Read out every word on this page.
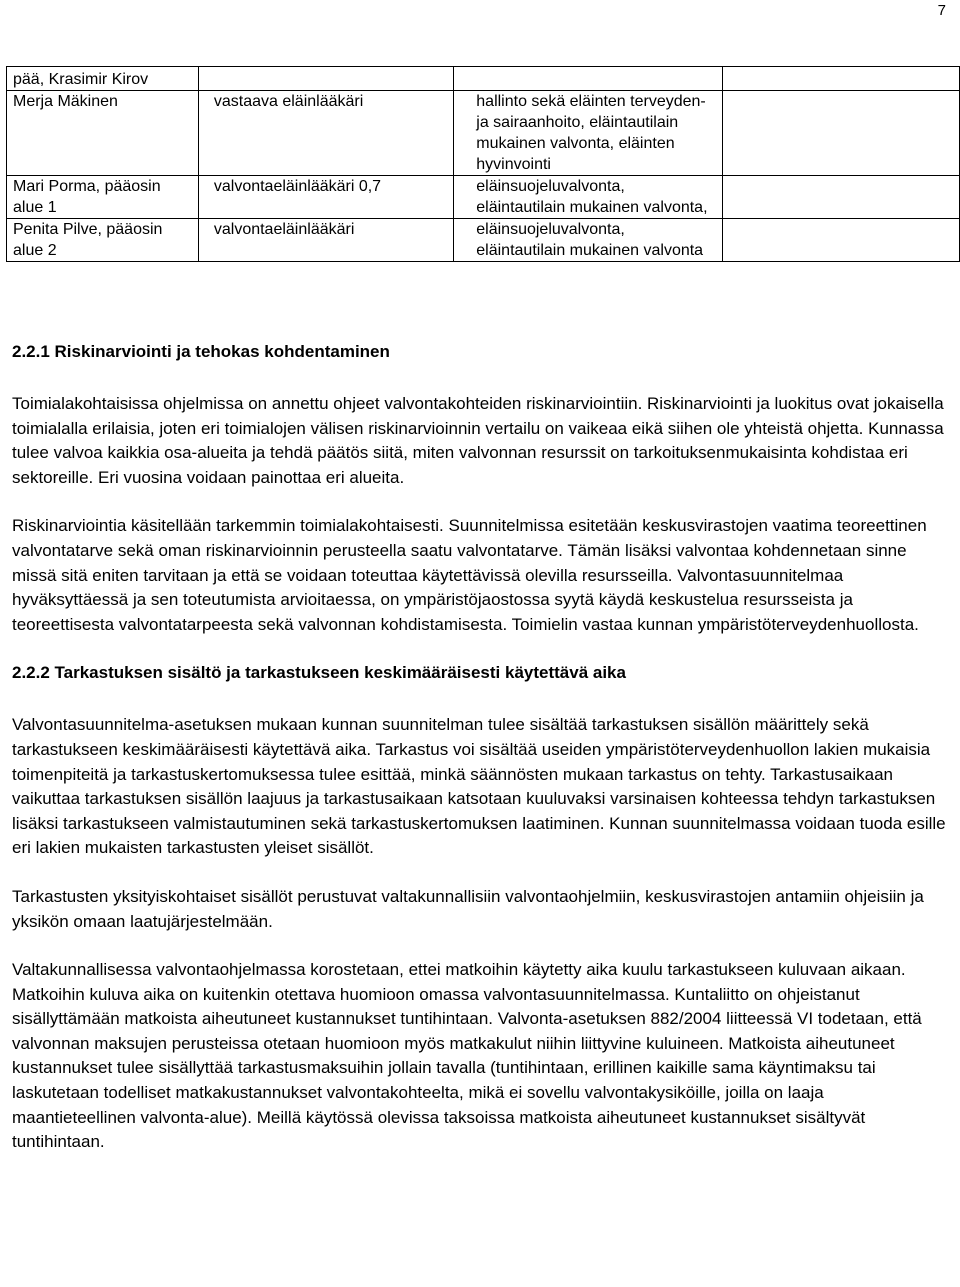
7
pää, Krasimir Kirov			
Merja Mäkinen	vastaava eläinlääkäri	hallinto sekä eläinten terveyden- ja sairaanhoito, eläintautilain mukainen valvonta, eläinten hyvinvointi	
Mari Porma, pääosin alue 1	valvontaeläinlääkäri 0,7	eläinsuojeluvalvonta, eläintautilain mukainen valvonta,	
Penita Pilve, pääosin alue 2	valvontaeläinlääkäri	eläinsuojeluvalvonta, eläintautilain mukainen valvonta	
2.2.1 Riskinarviointi ja tehokas kohdentaminen

Toimialakohtaisissa ohjelmissa on annettu ohjeet valvontakohteiden riskinarviointiin. Riskinarviointi ja luokitus ovat jokaisella toimialalla erilaisia, joten eri toimialojen välisen riskinarvioinnin vertailu on vaikeaa eikä siihen ole yhteistä ohjetta. Kunnassa tulee valvoa kaikkia osa-alueita ja tehdä päätös siitä, miten valvonnan resurssit on tarkoituksenmukaisinta kohdistaa eri sektoreille. Eri vuosina voidaan painottaa eri alueita.

Riskinarviointia käsitellään tarkemmin toimialakohtaisesti. Suunnitelmissa esitetään keskusvirastojen vaatima teoreettinen valvontatarve sekä oman riskinarvioinnin perusteella saatu valvontatarve. Tämän lisäksi valvontaa kohdennetaan sinne missä sitä eniten tarvitaan ja että se voidaan toteuttaa käytettävissä olevilla resursseilla. Valvontasuunnitelmaa hyväksyttäessä ja sen toteutumista arvioitaessa, on ympäristöjaostossa syytä käydä keskustelua resursseista ja teoreettisesta valvontatarpeesta sekä valvonnan kohdistamisesta. Toimielin vastaa kunnan ympäristöterveydenhuollosta.

2.2.2 Tarkastuksen sisältö ja tarkastukseen keskimääräisesti käytettävä aika

Valvontasuunnitelma-asetuksen mukaan kunnan suunnitelman tulee sisältää tarkastuksen sisällön määrittely sekä tarkastukseen keskimääräisesti käytettävä aika. Tarkastus voi sisältää useiden ympäristöterveydenhuollon lakien mukaisia toimenpiteitä ja tarkastuskertomuksessa tulee esittää, minkä säännösten mukaan tarkastus on tehty. Tarkastusaikaan vaikuttaa tarkastuksen sisällön laajuus ja tarkastusaikaan katsotaan kuuluvaksi varsinaisen kohteessa tehdyn tarkastuksen lisäksi tarkastukseen valmistautuminen sekä tarkastuskertomuksen laatiminen. Kunnan suunnitelmassa voidaan tuoda esille eri lakien mukaisten tarkastusten yleiset sisällöt.

Tarkastusten yksityiskohtaiset sisällöt perustuvat valtakunnallisiin valvontaohjelmiin, keskusvirastojen antamiin ohjeisiin ja yksikön omaan laatujärjestelmään.

Valtakunnallisessa valvontaohjelmassa korostetaan, ettei matkoihin käytetty aika kuulu tarkastukseen kuluvaan aikaan. Matkoihin kuluva aika on kuitenkin otettava huomioon omassa valvontasuunnitelmassa. Kuntaliitto on ohjeistanut sisällyttämään matkoista aiheutuneet kustannukset tuntihintaan. Valvonta-asetuksen 882/2004 liitteessä VI todetaan, että valvonnan maksujen perusteissa otetaan huomioon myös matkakulut niihin liittyvine kuluineen. Matkoista aiheutuneet kustannukset tulee sisällyttää tarkastusmaksuihin jollain tavalla (tuntihintaan, erillinen kaikille sama käyntimaksu tai laskutetaan todelliset matkakustannukset valvontakohteelta, mikä ei sovellu valvontakysiköille, joilla on laaja maantieteellinen valvonta-alue). Meillä käytössä olevissa taksoissa matkoista aiheutuneet kustannukset sisältyvät tuntihintaan.
